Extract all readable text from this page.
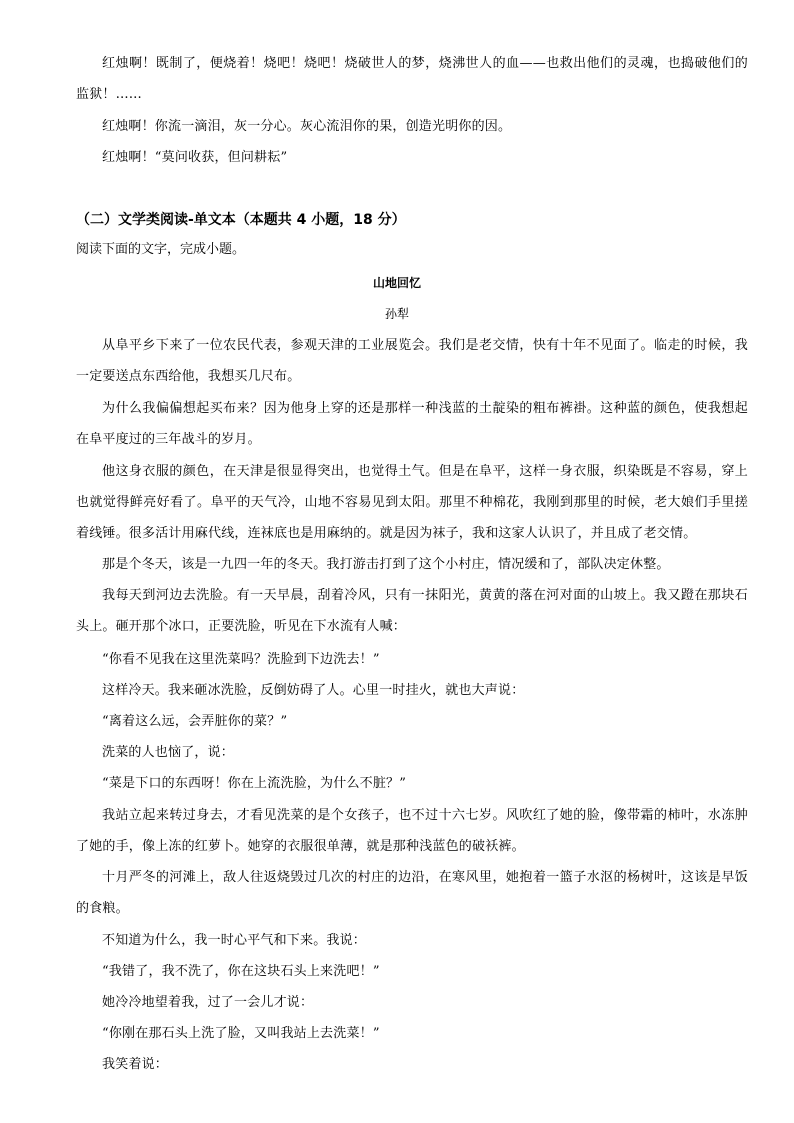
红烛啊！既制了，便烧着！烧吧！烧吧！烧破世人的梦，烧沸世人的血——也救出他们的灵魂，也捣破他们的监狱！……

红烛啊！你流一滴泪，灰一分心。灰心流泪你的果，创造光明你的因。

红烛啊！“莫问收获，但问耕耘”

（二）文学类阅读-单文本（本题共 4 小题，18 分）

阅读下面的文字，完成小题。

山地回忆

孙犁

从阜平乡下来了一位农民代表，参观天津的工业展览会。我们是老交情，快有十年不见面了。临走的时候，我一定要送点东西给他，我想买几尺布。

为什么我偏偏想起买布来？因为他身上穿的还是那样一种浅蓝的土靛染的粗布裤褂。这种蓝的颜色，使我想起在阜平度过的三年战斗的岁月。

他这身衣服的颜色，在天津是很显得突出，也觉得土气。但是在阜平，这样一身衣服，织染既是不容易，穿上也就觉得鲜亮好看了。阜平的天气冷，山地不容易见到太阳。那里不种棉花，我刚到那里的时候，老大娘们手里搓着线锤。很多活计用麻代线，连袜底也是用麻纳的。就是因为袜子，我和这家人认识了，并且成了老交情。

那是个冬天，该是一九四一年的冬天。我打游击打到了这个小村庄，情况缓和了，部队决定休整。

我每天到河边去洗脸。有一天早晨，刮着冷风，只有一抹阳光，黄黄的落在河对面的山坡上。我又蹬在那块石头上。砸开那个冰口，正要洗脸，听见在下水流有人喊：

“你看不见我在这里洗菜吗？洗脸到下边洗去！”

这样冷天。我来砸冰洗脸，反倒妨碍了人。心里一时挂火，就也大声说：

“离着这么远，会弄脏你的菜？”

洗菜的人也恼了，说：

“菜是下口的东西呀！你在上流洗脸，为什么不脏？”

我站立起来转过身去，才看见洗菜的是个女孩子，也不过十六七岁。风吹红了她的脸，像带霜的柿叶，水冻肿了她的手，像上冻的红萝卜。她穿的衣服很单薄，就是那种浅蓝色的破袄裤。

十月严冬的河滩上，敌人往返烧毁过几次的村庄的边沿，在寒风里，她抱着一篮子水沤的杨树叶，这该是早饭的食粮。

不知道为什么，我一时心平气和下来。我说：

“我错了，我不洗了，你在这块石头上来洗吧！”

她冷冷地望着我，过了一会儿才说：

“你刚在那石头上洗了脸，又叫我站上去洗菜！”

我笑着说：
